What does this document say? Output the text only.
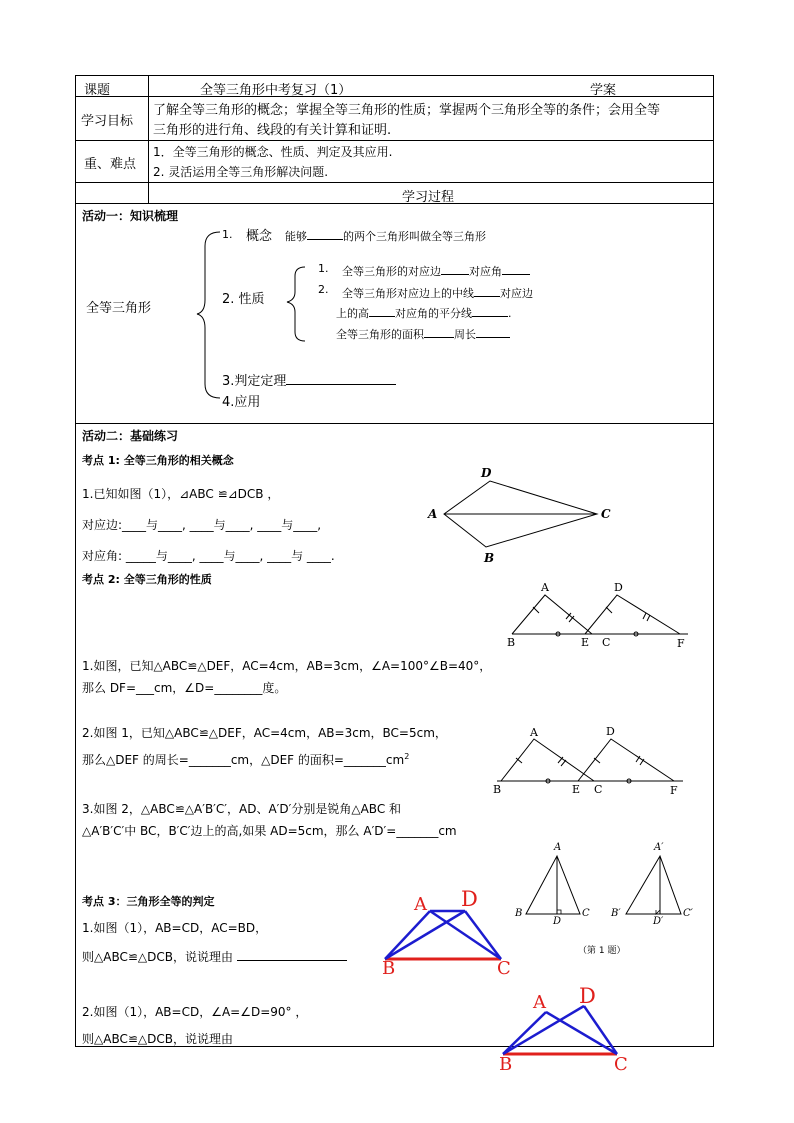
课题	全等三角形中考复习（1）	学案
学习目标
了解全等三角形的概念；掌握全等三角形的性质；掌握两个三角形全等的条件；会用全等
三角形的进行角、线段的有关计算和证明.
重、难点
1．全等三角形的概念、性质、判定及其应用.
2. 灵活运用全等三角形解决问题.
学习过程
活动一：知识梳理
全等三角形
1. 概念 能够	的两个三角形叫做全等三角形
2. 性质
1. 全等三角形的对应边	对应角
2. 全等三角形对应边上的中线 对应边
上的高 对应角的平分线	.
全等三角形的面积	周长
3.判定定理
4.应用
活动二：基础练习
考点 1: 全等三角形的相关概念
1.已知如图（1），⊿ABC ≌⊿DCB ，
对应边:____与____, ____与____, ____与____,
对应角: _____与____, ____与____, ____与 ____.
D
A	C
B
考点 2: 全等三角形的性质
A	D
B	E C	F
1.如图，已知△ABC≌△DEF，AC=4cm，AB=3cm，∠A=100°∠B=40°，
那么 DF=___cm，∠D=________度。
2.如图 1，已知△ABC≌△DEF，AC=4cm，AB=3cm，BC=5cm，
那么△DEF 的周长=_______cm，△DEF 的面积$=\_\_\_\_\_\_\_cm^2$
A	D
B	E C	F
3.如图 2，△ABC≌△A′B′C′，AD、A′D′分别是锐角△ABC 和
△A′B′C′中 BC，B′C′边上的高,如果 AD=5cm，那么 A′D′=_______cm
A
B	C
D
A′
B′	C′
D′
（第 1 题）
考点 3：三角形全等的判定
1.如图（1），AB=CD，AC=BD，
则△ABC≌△DCB，说说理由
A D
B	C
2.如图（1），AB=CD，∠A=∠D=90° ，
则△ABC≌△DCB，说说理由
A D
B	C
